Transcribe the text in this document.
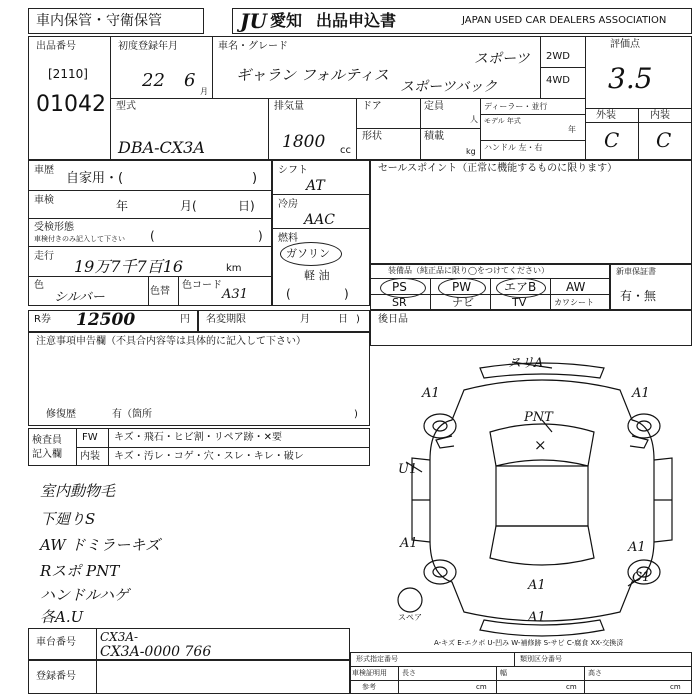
車内保管・守衛保管	JU 愛知 出品申込書	JAPAN USED CAR DEALERS ASSOCIATION
出品番号
[2110]
01042
初度登録年月
22 6
月
車名・グレード
ギャラン フォルティス
スポーツ
スポーツバック
2WD
4WD
評価点
3.5
型式
DBA-CX3A
排気量
1800 cc
ドア	定員
人
形状	積載
kg
ディーラー・並行
モデル 年式
年
ハンドル 左・右
外装	内装
C C
車歴
自家用・(	)
車検	年	月(	日)
受検形態
車検付きのみ記入して下さい (	)
走行
19万7千7百16	km
色
シルバー	色替
色コード
A31
シフト
AT
冷房
AAC
燃料
ガソリン
軽 油
(	)
セールスポイント（正常に機能するものに限ります）
装備品（純正品に限り◯をつけてください）
PS	PW	エアB AW
SR	ナビ	TV	カワシート
新車保証書
有・無
R券 12500	円 名変期限	月	日 ) 後日品
注意事項申告欄（不具合内容等は具体的に記入して下さい）
修復歴	有（箇所	)
検査員
記入欄
FW キズ・飛石・ヒビ割・リペア跡・✕要
内装 キズ・汚レ・コゲ・穴・スレ・キレ・破レ
室内動物毛
下廻りS
AW ドミラーキズ
Rスポ PNT
ハンドルハゲ
各A.U
スリA
PNT
×
A1	A1
U1
A1	A1
C1
A1
A1
スペア
A-キズ E-エクボ U-凹み W-補修跡 S-サビ C-腐食 XX-交換済
車台番号 CX3A-
CX3A-0000 766
登録番号
形式指定番号	類別区分番号
車検証明用 長さ	幅	高さ
参考	cm	cm	cm
